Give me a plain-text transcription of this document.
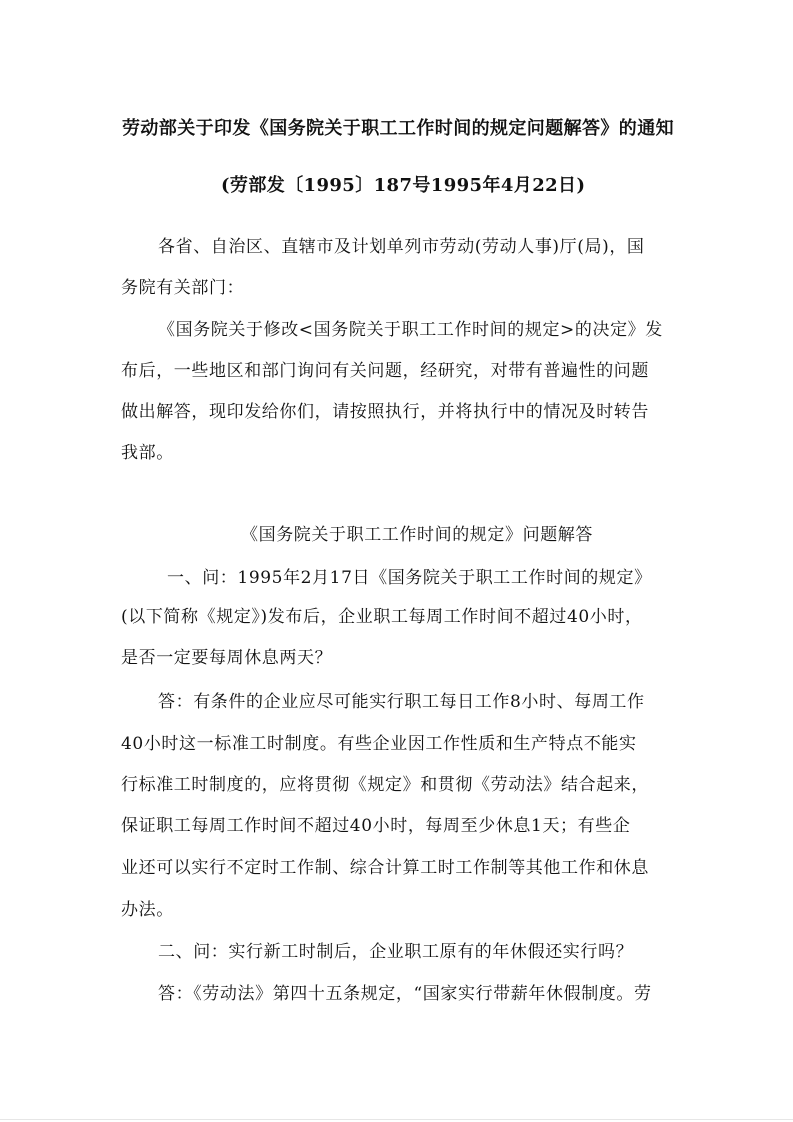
劳动部关于印发《国务院关于职工工作时间的规定问题解答》的通知
(劳部发〔1995〕187号1995年4月22日)
各省、自治区、直辖市及计划单列市劳动(劳动人事)厅(局)，国
务院有关部门：
《国务院关于修改<国务院关于职工工作时间的规定>的决定》发
布后，一些地区和部门询问有关问题，经研究，对带有普遍性的问题
做出解答，现印发给你们，请按照执行，并将执行中的情况及时转告
我部。
《国务院关于职工工作时间的规定》问题解答
一、问：1995年2月17日《国务院关于职工工作时间的规定》
(以下简称《规定》)发布后，企业职工每周工作时间不超过40小时，
是否一定要每周休息两天？
答：有条件的企业应尽可能实行职工每日工作8小时、每周工作
40小时这一标准工时制度。有些企业因工作性质和生产特点不能实
行标准工时制度的，应将贯彻《规定》和贯彻《劳动法》结合起来，
保证职工每周工作时间不超过40小时，每周至少休息1天；有些企
业还可以实行不定时工作制、综合计算工时工作制等其他工作和休息
办法。
二、问：实行新工时制后，企业职工原有的年休假还实行吗？
答：《劳动法》第四十五条规定，“国家实行带薪年休假制度。劳
